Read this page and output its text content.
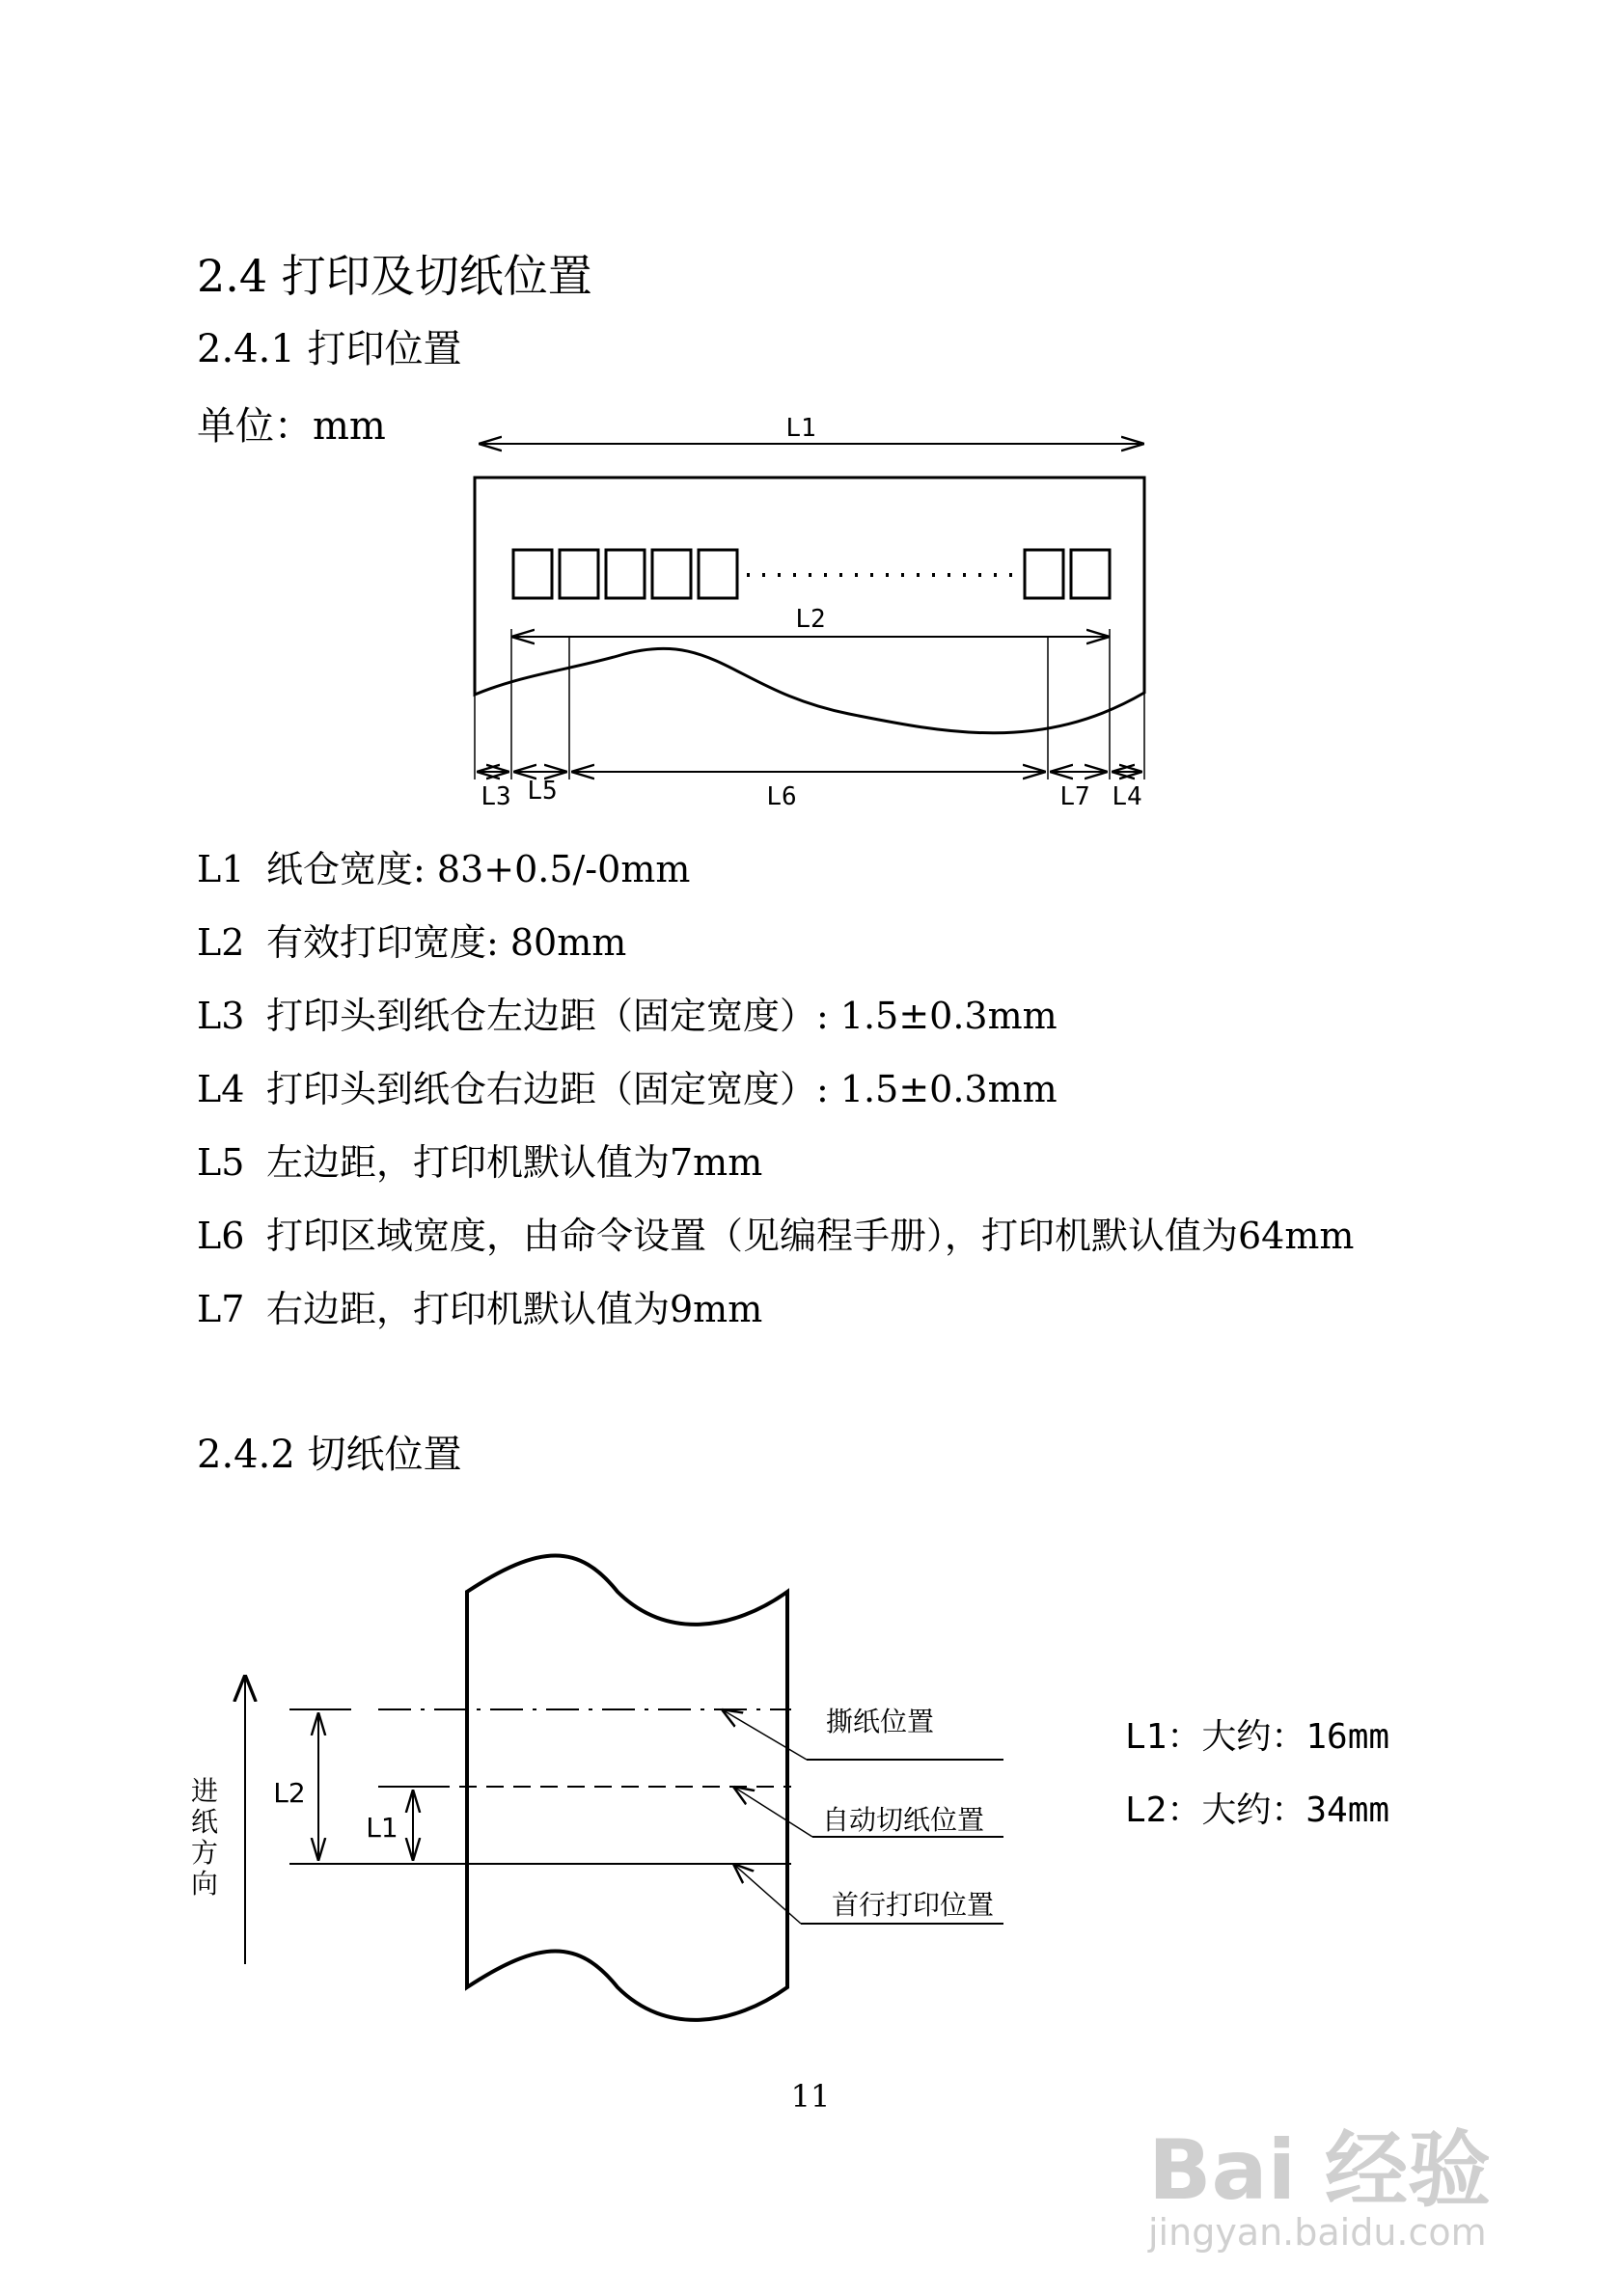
2.4 打印及切纸位置
2.4.1 打印位置
单位：mm	L1
L2
L3 L5	L6	L7 L4
L1 纸仓宽度: 83+0.5/-0mm
L2 有效打印宽度: 80mm
L3 打印头到纸仓左边距（固定宽度）: 1.5±0.3mm
L4 打印头到纸仓右边距（固定宽度）: 1.5±0.3mm
L5 左边距，打印机默认值为7mm
L6 打印区域宽度，由命令设置（见编程手册），打印机默认值为64mm
L7 右边距，打印机默认值为9mm
2.4.2 切纸位置
进
纸
方
向
L2
L1
撕纸位置
自动切纸位置
首行打印位置
L1：大约：16mm
L2：大约：34mm
11
Bai 经验
jingyan.baidu.com
